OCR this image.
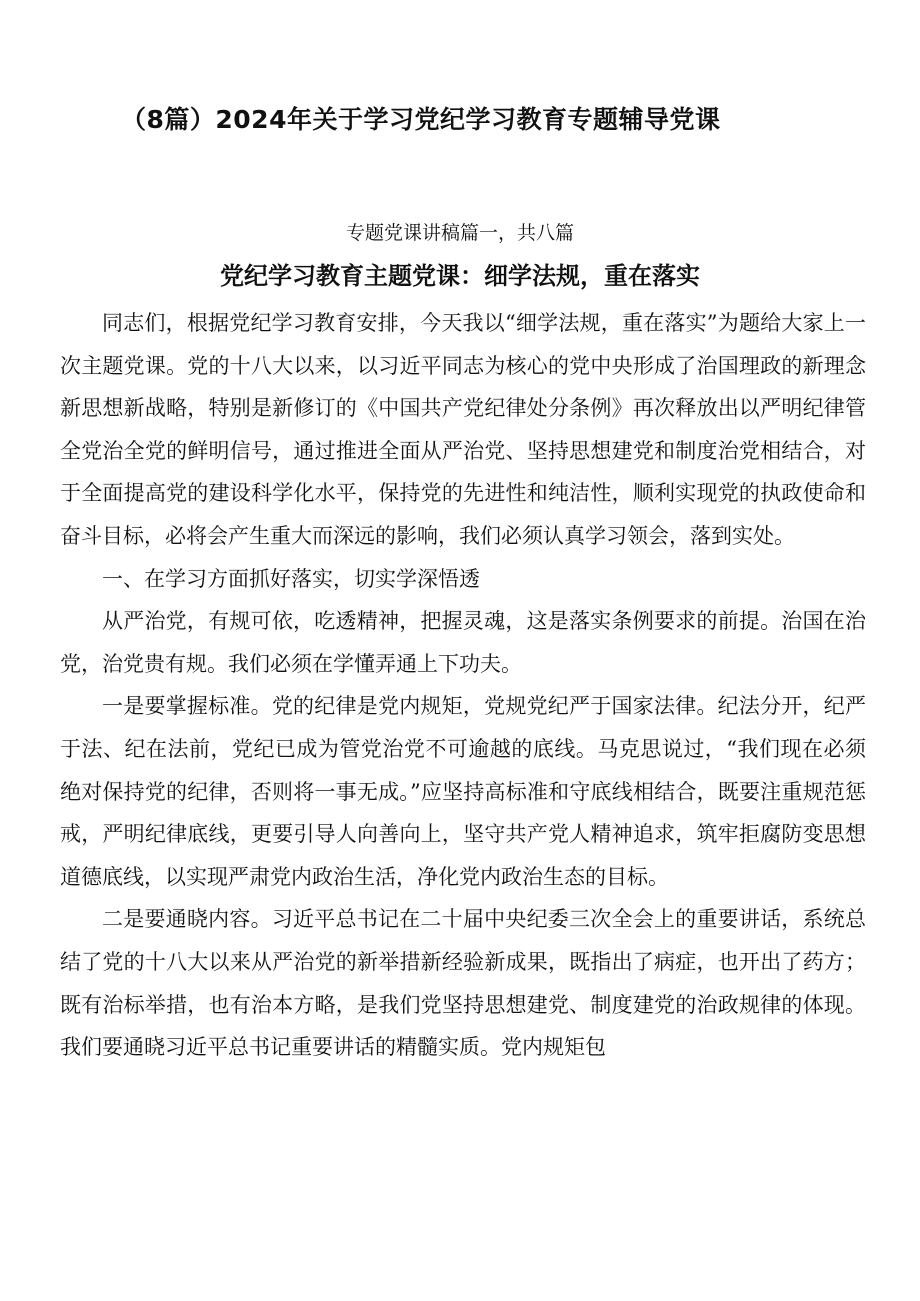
（8篇）2024年关于学习党纪学习教育专题辅导党课
专题党课讲稿篇一，共八篇
党纪学习教育主题党课：细学法规，重在落实

同志们，根据党纪学习教育安排，今天我以“细学法规，重在落实”为题给大家上一次主题党课。党的十八大以来，以习近平同志为核心的党中央形成了治国理政的新理念新思想新战略，特别是新修订的《中国共产党纪律处分条例》再次释放出以严明纪律管全党治全党的鲜明信号，通过推进全面从严治党、坚持思想建党和制度治党相结合，对于全面提高党的建设科学化水平，保持党的先进性和纯洁性，顺利实现党的执政使命和奋斗目标，必将会产生重大而深远的影响，我们必须认真学习领会，落到实处。

一、在学习方面抓好落实，切实学深悟透

从严治党，有规可依，吃透精神，把握灵魂，这是落实条例要求的前提。治国在治党，治党贵有规。我们必须在学懂弄通上下功夫。

一是要掌握标准。党的纪律是党内规矩，党规党纪严于国家法律。纪法分开，纪严于法、纪在法前，党纪已成为管党治党不可逾越的底线。马克思说过，“我们现在必须绝对保持党的纪律，否则将一事无成。”应坚持高标准和守底线相结合，既要注重规范惩戒，严明纪律底线，更要引导人向善向上，坚守共产党人精神追求，筑牢拒腐防变思想道德底线，以实现严肃党内政治生活，净化党内政治生态的目标。

二是要通晓内容。习近平总书记在二十届中央纪委三次全会上的重要讲话，系统总结了党的十八大以来从严治党的新举措新经验新成果，既指出了病症，也开出了药方；既有治标举措，也有治本方略，是我们党坚持思想建党、制度建党的治政规律的体现。我们要通晓习近平总书记重要讲话的精髓实质。党内规矩包
